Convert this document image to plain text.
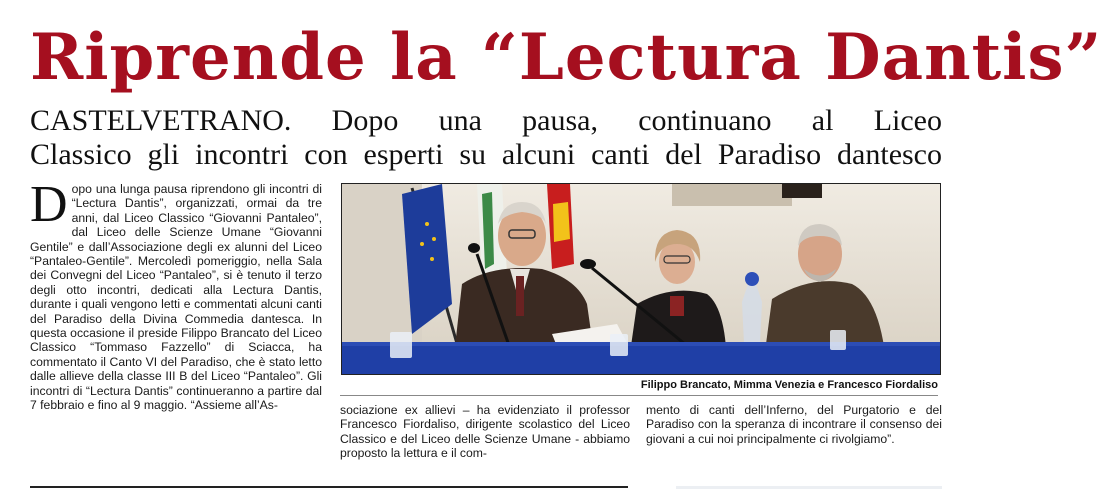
Riprende la “Lectura Dantis”
CASTELVETRANO. Dopo una pausa, continuano al Liceo
Classico gli incontri con esperti su alcuni canti del Paradiso dantesco
D opo una lunga pausa riprendono gli incontri di “Lectura Dantis”, organizzati, ormai da tre anni, dal Liceo Classico “Giovanni Pantaleo”, dal Liceo delle Scienze Umane “Giovanni Gentile” e dall’Associazione degli ex alunni del Liceo “Pantaleo-Gentile”. Mercoledì pomeriggio, nella Sala dei Convegni del Liceo “Pantaleo”, si è tenuto il terzo degli otto incontri, dedicati alla Lectura Dantis, durante i quali vengono letti e commentati alcuni canti del Paradiso della Divina Commedia dantesca. In questa occasione il preside Filippo Brancato del Liceo Classico “Tommaso Fazzello” di Sciacca, ha commentato il Canto VI del Paradiso, che è stato letto dalle allieve della classe III B del Liceo “Pantaleo”. Gli incontri di “Lectura Dantis” continueranno a partire dal 7 febbraio e fino al 9 maggio. “Assieme all’As-
Filippo Brancato, Mimma Venezia e Francesco Fiordaliso
sociazione ex allievi – ha evidenziato il professor Francesco Fiordaliso, dirigente scolastico del Liceo Classico e del Liceo delle Scienze Umane - abbiamo proposto la lettura e il com-
mento di canti dell’Inferno, del Purgatorio e del Paradiso con la speranza di incontrare il consenso dei giovani a cui noi principalmente ci rivolgiamo”.
